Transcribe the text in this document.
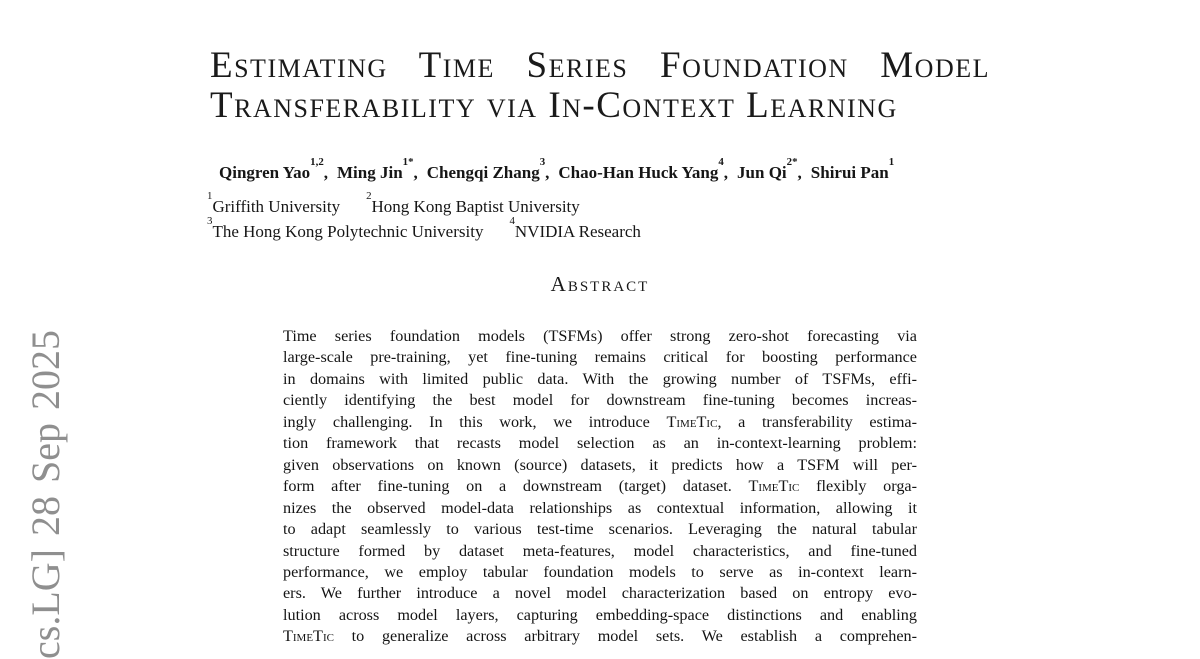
cs.LG] 28 Sep 2025
Estimating Time Series Foundation Model
Transferability via In-Context Learning
Qingren Yao$^{1,2}$, Ming Jin$^{1*}$, Chengqi Zhang$^3$, Chao-Han Huck Yang$^4$, Jun $Qi^{2*}$, Shirui Pan$^1$
$^1$Griffith University$^2$Hong Kong Baptist University
$^3$The Hong Kong Polytechnic University$^4$NVIDIA Research
Abstract
Time series foundation models (TSFMs) offer strong zero-shot forecasting via
large-scale pre-training, yet fine-tuning remains critical for boosting performance
in domains with limited public data. With the growing number of TSFMs, effi-
ciently identifying the best model for downstream fine-tuning becomes increas-
ingly challenging. In this work, we introduce TimeTic, a transferability estima-
tion framework that recasts model selection as an in-context-learning problem:
given observations on known (source) datasets, it predicts how a TSFM will per-
form after fine-tuning on a downstream (target) dataset. TimeTic flexibly orga-
nizes the observed model-data relationships as contextual information, allowing it
to adapt seamlessly to various test-time scenarios. Leveraging the natural tabular
structure formed by dataset meta-features, model characteristics, and fine-tuned
performance, we employ tabular foundation models to serve as in-context learn-
ers. We further introduce a novel model characterization based on entropy evo-
lution across model layers, capturing embedding-space distinctions and enabling
TimeTic to generalize across arbitrary model sets. We establish a comprehen-
